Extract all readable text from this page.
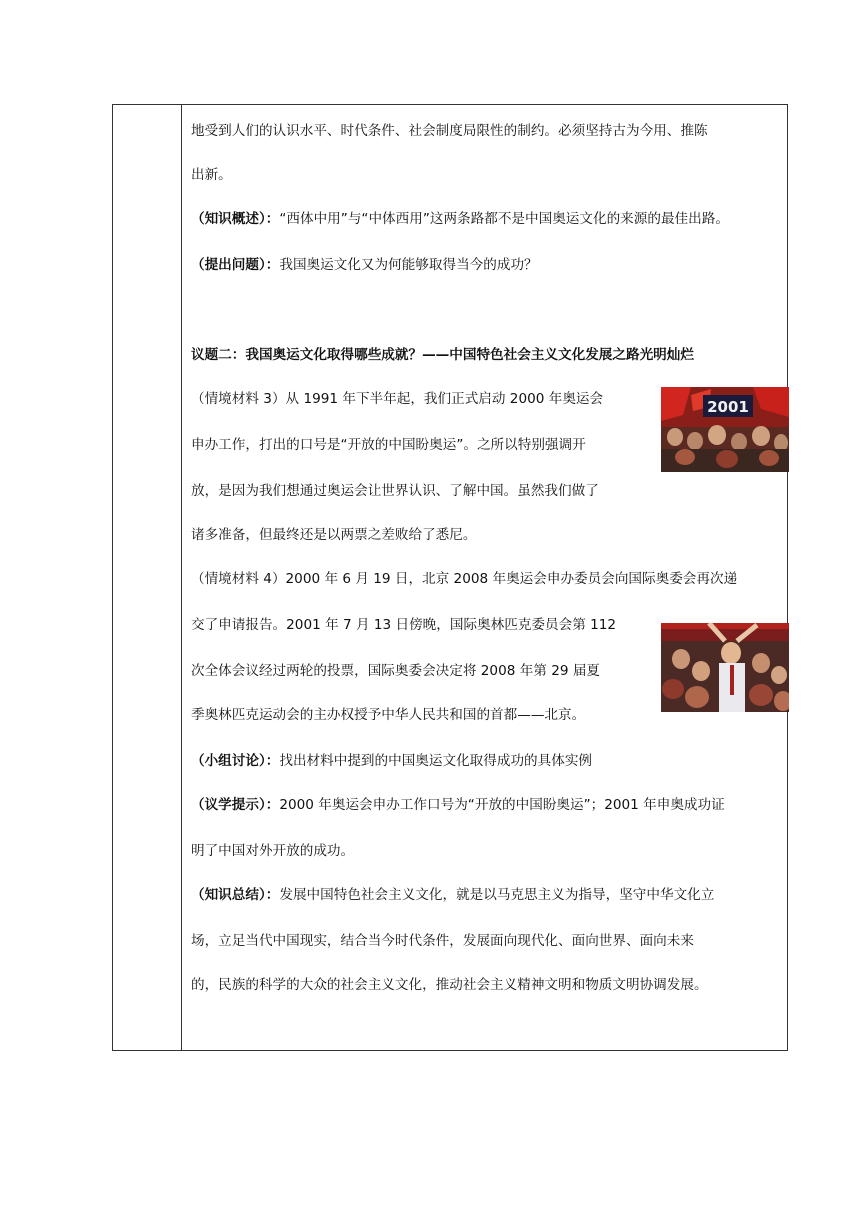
地受到人们的认识水平、时代条件、社会制度局限性的制约。必须坚持古为今用、推陈
出新。
（知识概述）：“西体中用”与“中体西用”这两条路都不是中国奥运文化的来源的最佳出路。
（提出问题）：我国奥运文化又为何能够取得当今的成功？
议题二：我国奥运文化取得哪些成就？——中国特色社会主义文化发展之路光明灿烂
（情境材料 3）从 1991 年下半年起，我们正式启动 2000 年奥运会
申办工作，打出的口号是“开放的中国盼奥运”。之所以特别强调开
放，是因为我们想通过奥运会让世界认识、了解中国。虽然我们做了
诸多准备，但最终还是以两票之差败给了悉尼。
（情境材料 4）2000 年 6 月 19 日，北京 2008 年奥运会申办委员会向国际奥委会再次递
交了申请报告。2001 年 7 月 13 日傍晚，国际奥林匹克委员会第 112
次全体会议经过两轮的投票，国际奥委会决定将 2008 年第 29 届夏
季奥林匹克运动会的主办权授予中华人民共和国的首都——北京。
（小组讨论）：找出材料中提到的中国奥运文化取得成功的具体实例
（议学提示）：2000 年奥运会申办工作口号为“开放的中国盼奥运”；2001 年申奥成功证
明了中国对外开放的成功。
（知识总结）：发展中国特色社会主义文化，就是以马克思主义为指导，坚守中华文化立
场，立足当代中国现实，结合当今时代条件，发展面向现代化、面向世界、面向未来
的，民族的科学的大众的社会主义文化，推动社会主义精神文明和物质文明协调发展。
2001
